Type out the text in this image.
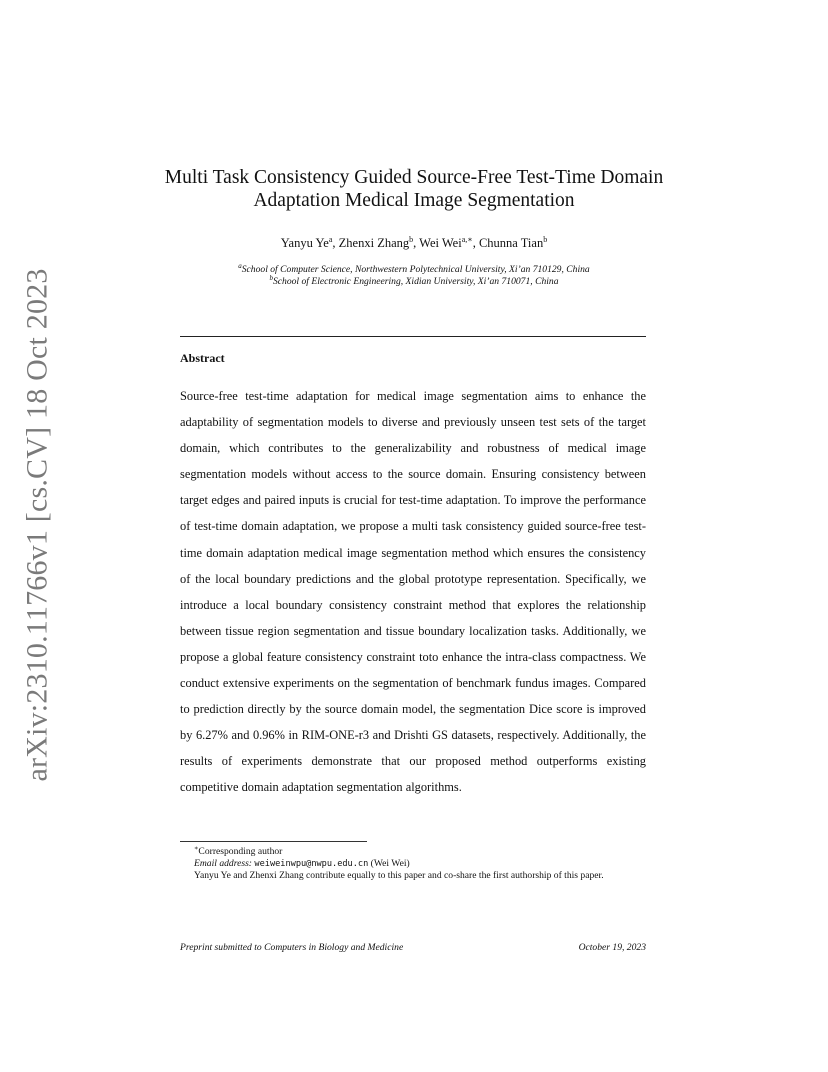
arXiv:2310.11766v1 [cs.CV] 18 Oct 2023
Multi Task Consistency Guided Source-Free Test-Time Domain Adaptation Medical Image Segmentation

Yanyu Ye$^a$, Zhenxi Zhang$^b$, Wei Wei$^{a,∗}$, Chunna Tian$^b$

$^a$School of Computer Science, Northwestern Polytechnical University, Xi’an 710129, China
$^b$School of Electronic Engineering, Xidian University, Xi’an 710071, China
Abstract

Source-free test-time adaptation for medical image segmentation aims to enhance the adaptability of segmentation models to diverse and previously unseen test sets of the target domain, which contributes to the generalizability and robustness of medical image segmentation models without access to the source domain. Ensuring consistency between target edges and paired inputs is crucial for test-time adaptation. To improve the performance of test-time domain adaptation, we propose a multi task consistency guided source-free test-time domain adaptation medical image segmentation method which ensures the consistency of the local boundary predictions and the global prototype representation. Specifically, we introduce a local boundary consistency constraint method that explores the relationship between tissue region segmentation and tissue boundary localization tasks. Additionally, we propose a global feature consistency constraint toto enhance the intra-class compactness. We conduct extensive experiments on the segmentation of benchmark fundus images. Compared to prediction directly by the source domain model, the segmentation Dice score is improved by 6.27% and 0.96% in RIM-ONE-r3 and Drishti GS datasets, respectively. Additionally, the results of experiments demonstrate that our proposed method outperforms existing competitive domain adaptation segmentation algorithms.

∗Corresponding author

Email address: weiweinwpu@nwpu.edu.cn (Wei Wei)

Yanyu Ye and Zhenxi Zhang contribute equally to this paper and co-share the first authorship of this paper.

Preprint submitted to Computers in Biology and Medicine	October 19, 2023
